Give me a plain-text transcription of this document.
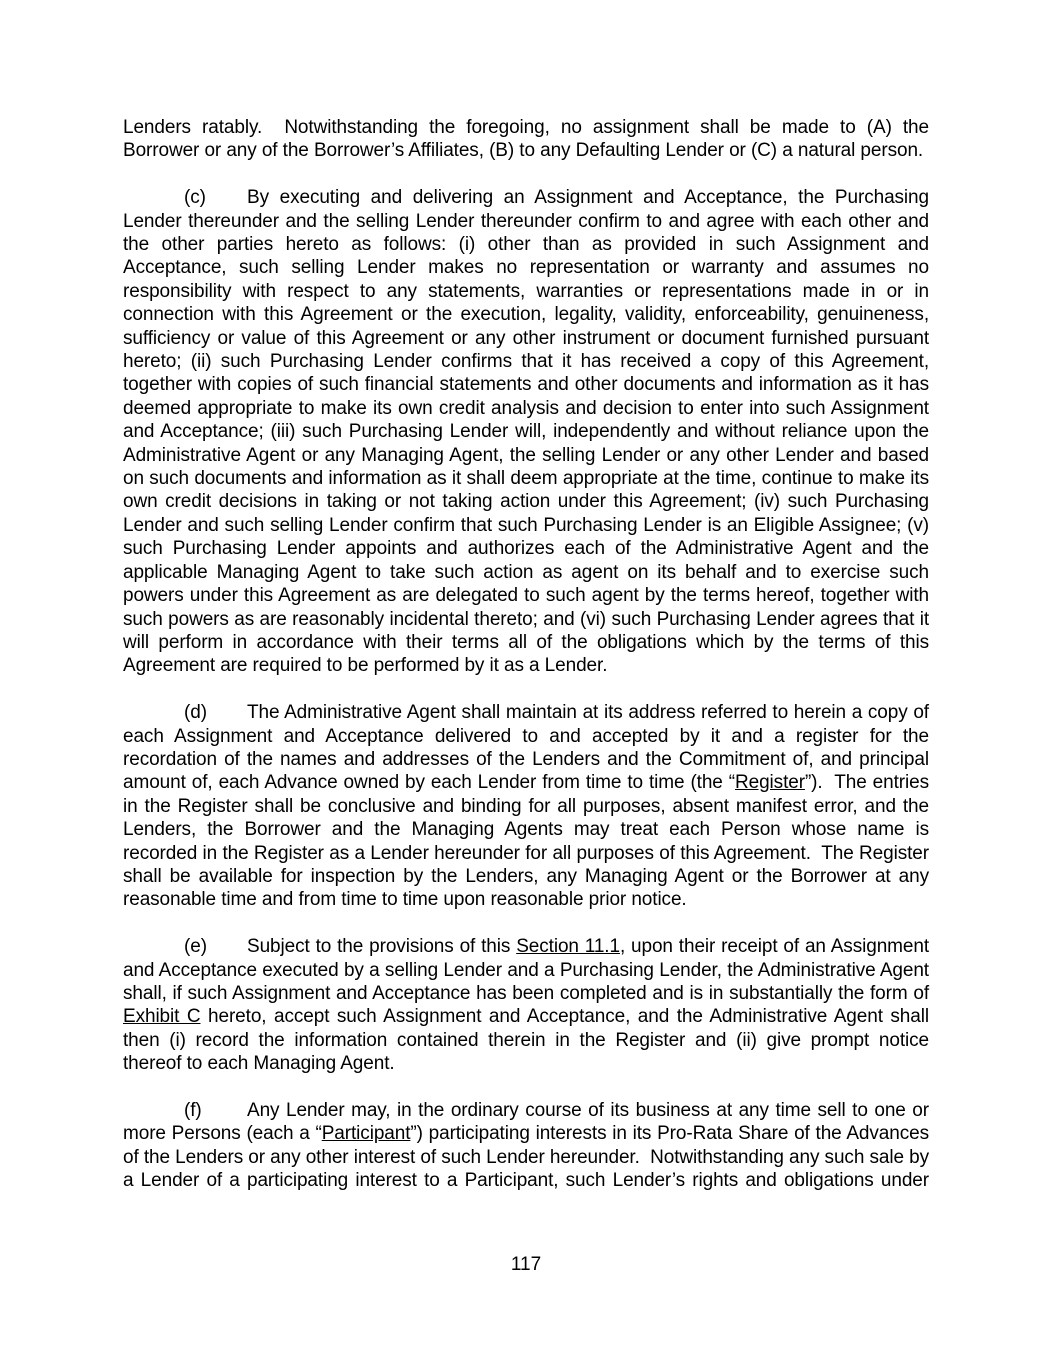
Lenders ratably.  Notwithstanding the foregoing, no assignment shall be made to (A) the Borrower or any of the Borrower’s Affiliates, (B) to any Defaulting Lender or (C) a natural person.

(c) By executing and delivering an Assignment and Acceptance, the Purchasing Lender thereunder and the selling Lender thereunder confirm to and agree with each other and the other parties hereto as follows: (i) other than as provided in such Assignment and Acceptance, such selling Lender makes no representation or warranty and assumes no responsibility with respect to any statements, warranties or representations made in or in connection with this Agreement or the execution, legality, validity, enforceability, genuineness, sufficiency or value of this Agreement or any other instrument or document furnished pursuant hereto; (ii) such Purchasing Lender confirms that it has received a copy of this Agreement, together with copies of such financial statements and other documents and information as it has deemed appropriate to make its own credit analysis and decision to enter into such Assignment and Acceptance; (iii) such Purchasing Lender will, independently and without reliance upon the Administrative Agent or any Managing Agent, the selling Lender or any other Lender and based on such documents and information as it shall deem appropriate at the time, continue to make its own credit decisions in taking or not taking action under this Agreement; (iv) such Purchasing Lender and such selling Lender confirm that such Purchasing Lender is an Eligible Assignee; (v) such Purchasing Lender appoints and authorizes each of the Administrative Agent and the applicable Managing Agent to take such action as agent on its behalf and to exercise such powers under this Agreement as are delegated to such agent by the terms hereof, together with such powers as are reasonably incidental thereto; and (vi) such Purchasing Lender agrees that it will perform in accordance with their terms all of the obligations which by the terms of this Agreement are required to be performed by it as a Lender.

(d) The Administrative Agent shall maintain at its address referred to herein a copy of each Assignment and Acceptance delivered to and accepted by it and a register for the recordation of the names and addresses of the Lenders and the Commitment of, and principal amount of, each Advance owned by each Lender from time to time (the “Register”).  The entries in the Register shall be conclusive and binding for all purposes, absent manifest error, and the Lenders, the Borrower and the Managing Agents may treat each Person whose name is recorded in the Register as a Lender hereunder for all purposes of this Agreement.  The Register shall be available for inspection by the Lenders, any Managing Agent or the Borrower at any reasonable time and from time to time upon reasonable prior notice.

(e) Subject to the provisions of this Section 11.1, upon their receipt of an Assignment and Acceptance executed by a selling Lender and a Purchasing Lender, the Administrative Agent shall, if such Assignment and Acceptance has been completed and is in substantially the form of Exhibit C hereto, accept such Assignment and Acceptance, and the Administrative Agent shall then (i) record the information contained therein in the Register and (ii) give prompt notice thereof to each Managing Agent.

(f) Any Lender may, in the ordinary course of its business at any time sell to one or more Persons (each a “Participant”) participating interests in its Pro-Rata Share of the Advances of the Lenders or any other interest of such Lender hereunder.  Notwithstanding any such sale by a Lender of a participating interest to a Participant, such Lender’s rights and obligations under

117
